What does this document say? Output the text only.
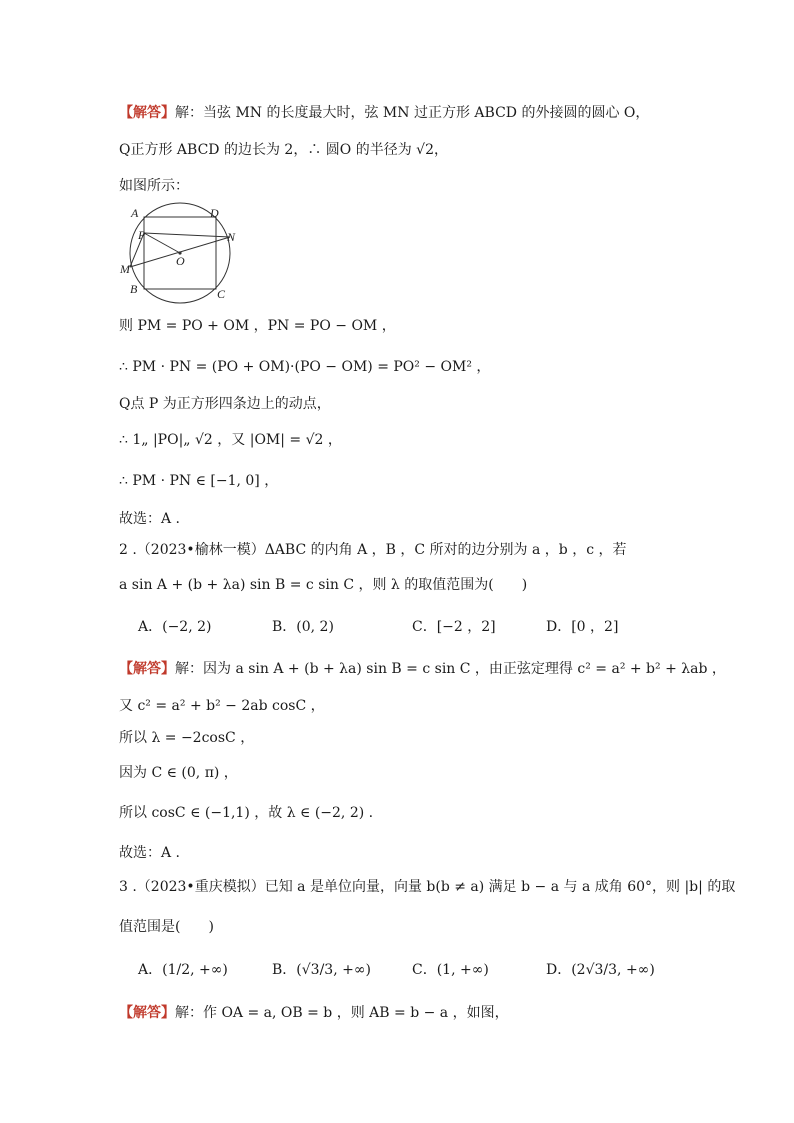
【解答】解：当弦 MN 的长度最大时，弦 MN 过正方形 ABCD 的外接圆的圆心 O，
Q正方形 ABCD 的边长为 2，∴ 圆O 的半径为 √2，
如图所示：
A	D
P	N
O
M
B	C
则 PM = PO + OM ，PN = PO − OM ，
∴ PM · PN = (PO + OM)·(PO − OM) = PO² − OM² ，
Q点 P 为正方形四条边上的动点，
∴ 1„ |PO|„ √2 ，又 |OM| = √2 ，
∴ PM · PN ∈ [−1, 0] ，
故选：A .
2 .（2023•榆林一模）ΔABC 的内角 A ，B ，C 所对的边分别为 a ，b ，c ，若
a sin A + (b + λa) sin B = c sin C ，则 λ 的取值范围为(　　)
A．(−2, 2)	B．(0, 2)	C．[−2 ，2]	D．[0 ，2]
【解答】解：因为 a sin A + (b + λa) sin B = c sin C ，由正弦定理得 c² = a² + b² + λab ，
又 c² = a² + b² − 2ab cosC ，
所以 λ = −2cosC ，
因为 C ∈ (0, π) ，
所以 cosC ∈ (−1,1) ，故 λ ∈ (−2, 2) .
故选：A .
3 .（2023•重庆模拟）已知 a 是单位向量，向量 b(b ≠ a) 满足 b − a 与 a 成角 60°，则 |b| 的取
值范围是(　　)
A．(1/2, +∞)	B．(√3/3, +∞)	C．(1, +∞)	D．(2√3/3, +∞)
【解答】解：作 OA = a, OB = b ，则 AB = b − a ，如图，
